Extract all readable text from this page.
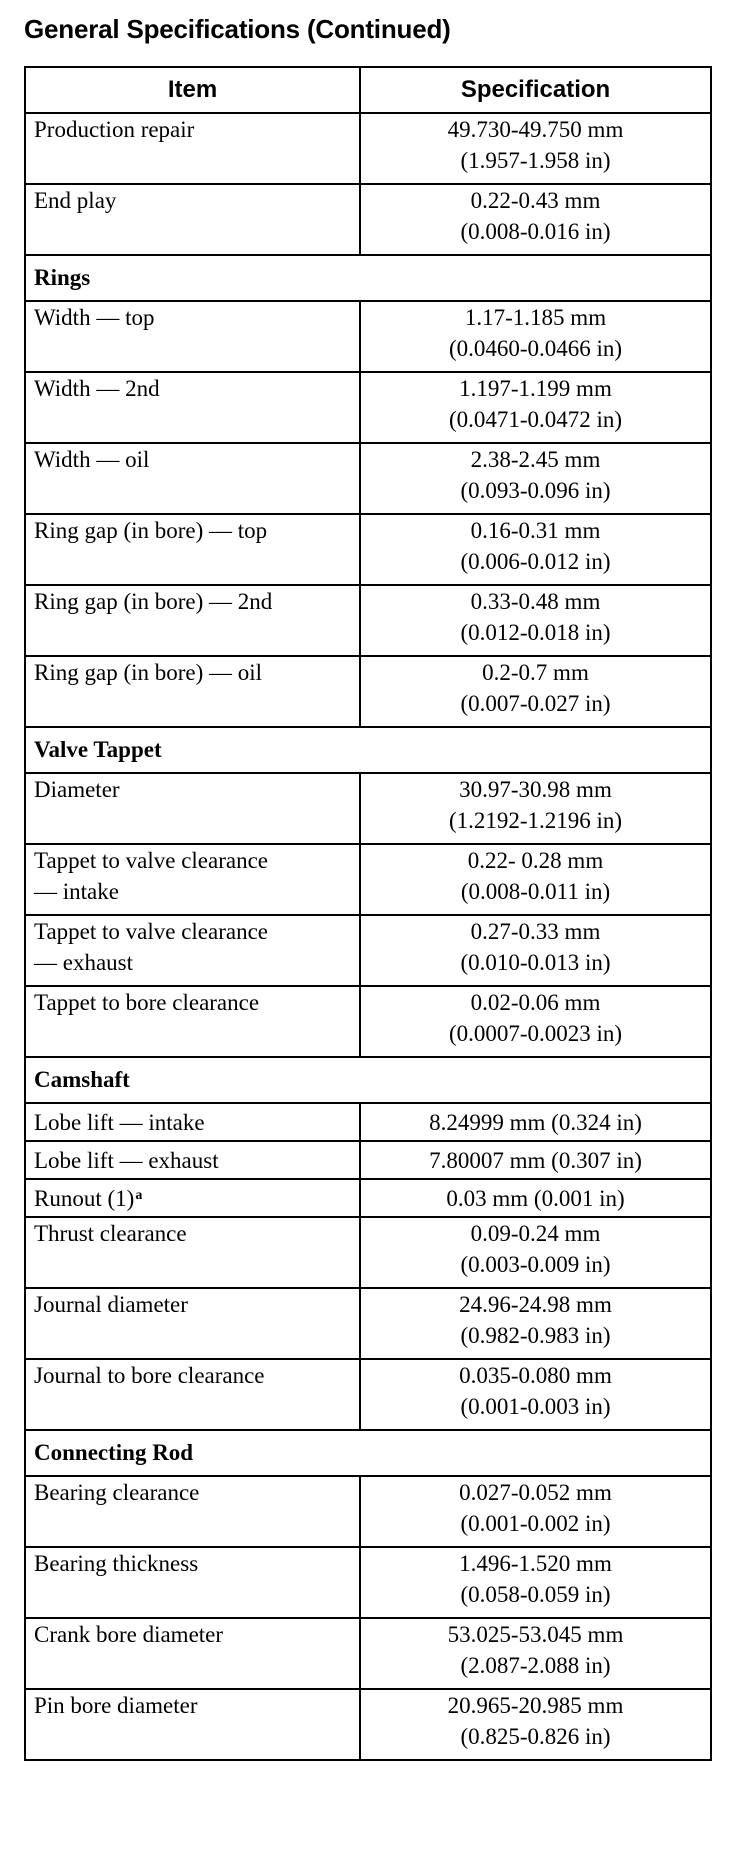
General Specifications (Continued)
Item	Specification

Production repair	49.730-49.750 mm
(1.957-1.958 in)

End play	0.22-0.43 mm
(0.008-0.016 in)

Rings	

Width — top	1.17-1.185 mm
(0.0460-0.0466 in)

Width — 2nd	1.197-1.199 mm
(0.0471-0.0472 in)

Width — oil	2.38-2.45 mm
(0.093-0.096 in)

Ring gap (in bore) — top	0.16-0.31 mm
(0.006-0.012 in)

Ring gap (in bore) — 2nd	0.33-0.48 mm
(0.012-0.018 in)

Ring gap (in bore) — oil	0.2-0.7 mm
(0.007-0.027 in)

Valve Tappet	

Diameter	30.97-30.98 mm
(1.2192-1.2196 in)

Tappet to valve clearance
— intake	0.22- 0.28 mm
(0.008-0.011 in)

Tappet to valve clearance
— exhaust	0.27-0.33 mm
(0.010-0.013 in)

Tappet to bore clearance	0.02-0.06 mm
(0.0007-0.0023 in)

Camshaft	

Lobe lift — intake	8.24999 mm (0.324 in)

Lobe lift — exhaust	7.80007 mm (0.307 in)

Runout (1)$^a$	0.03 mm (0.001 in)

Thrust clearance	0.09-0.24 mm
(0.003-0.009 in)

Journal diameter	24.96-24.98 mm
(0.982-0.983 in)

Journal to bore clearance	0.035-0.080 mm
(0.001-0.003 in)

Connecting Rod	

Bearing clearance	0.027-0.052 mm
(0.001-0.002 in)

Bearing thickness	1.496-1.520 mm
(0.058-0.059 in)

Crank bore diameter	53.025-53.045 mm
(2.087-2.088 in)

Pin bore diameter	20.965-20.985 mm
(0.825-0.826 in)
